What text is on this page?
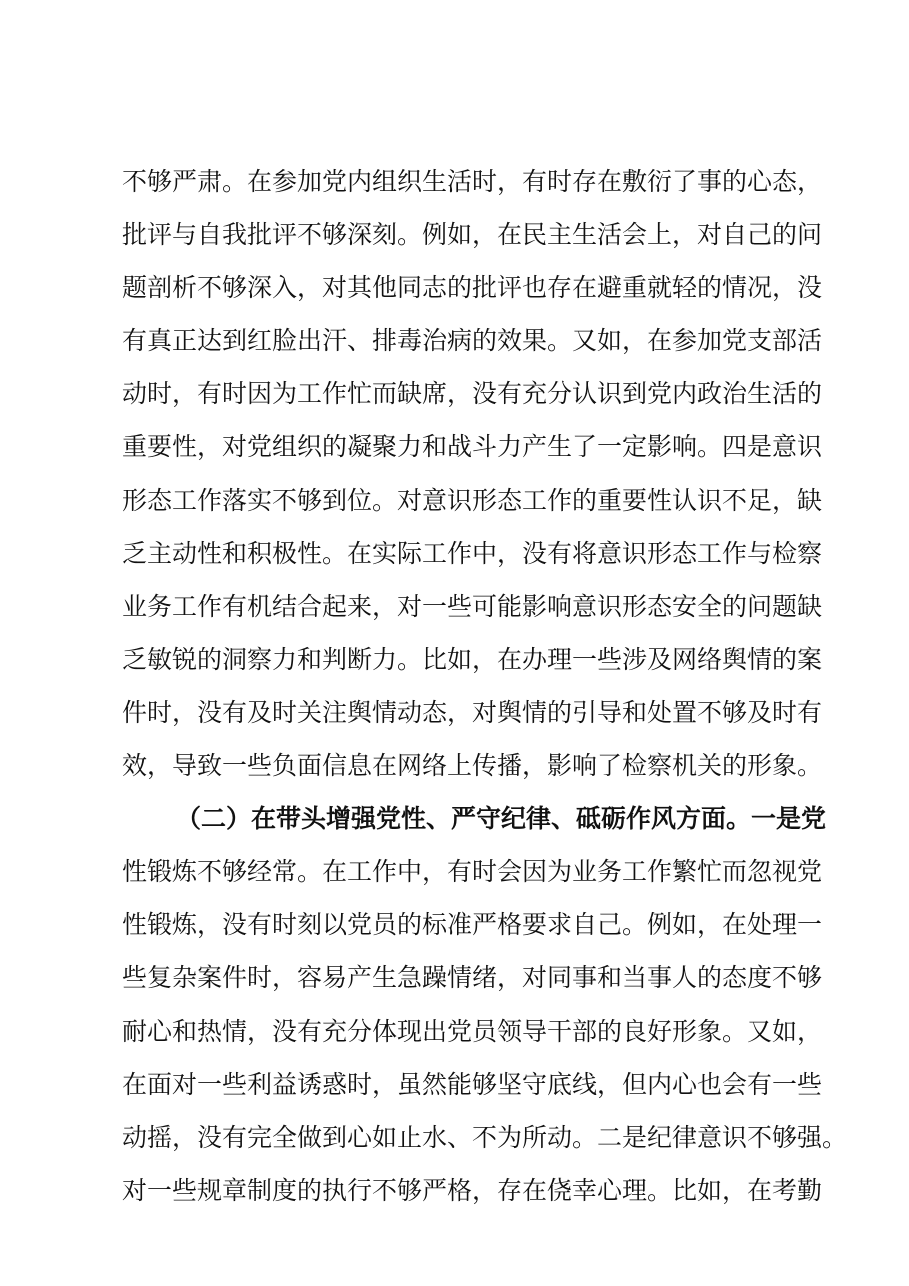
不够严肃。在参加党内组织生活时，有时存在敷衍了事的心态，
批评与自我批评不够深刻。例如，在民主生活会上，对自己的问
题剖析不够深入，对其他同志的批评也存在避重就轻的情况，没
有真正达到红脸出汗、排毒治病的效果。又如，在参加党支部活
动时，有时因为工作忙而缺席，没有充分认识到党内政治生活的
重要性，对党组织的凝聚力和战斗力产生了一定影响。四是意识
形态工作落实不够到位。对意识形态工作的重要性认识不足，缺
乏主动性和积极性。在实际工作中，没有将意识形态工作与检察
业务工作有机结合起来，对一些可能影响意识形态安全的问题缺
乏敏锐的洞察力和判断力。比如，在办理一些涉及网络舆情的案
件时，没有及时关注舆情动态，对舆情的引导和处置不够及时有
效，导致一些负面信息在网络上传播，影响了检察机关的形象。
（二）在带头增强党性、严守纪律、砥砺作风方面。一是党
性锻炼不够经常。在工作中，有时会因为业务工作繁忙而忽视党
性锻炼，没有时刻以党员的标准严格要求自己。例如，在处理一
些复杂案件时，容易产生急躁情绪，对同事和当事人的态度不够
耐心和热情，没有充分体现出党员领导干部的良好形象。又如，
在面对一些利益诱惑时，虽然能够坚守底线，但内心也会有一些
动摇，没有完全做到心如止水、不为所动。二是纪律意识不够强。
对一些规章制度的执行不够严格，存在侥幸心理。比如，在考勤
